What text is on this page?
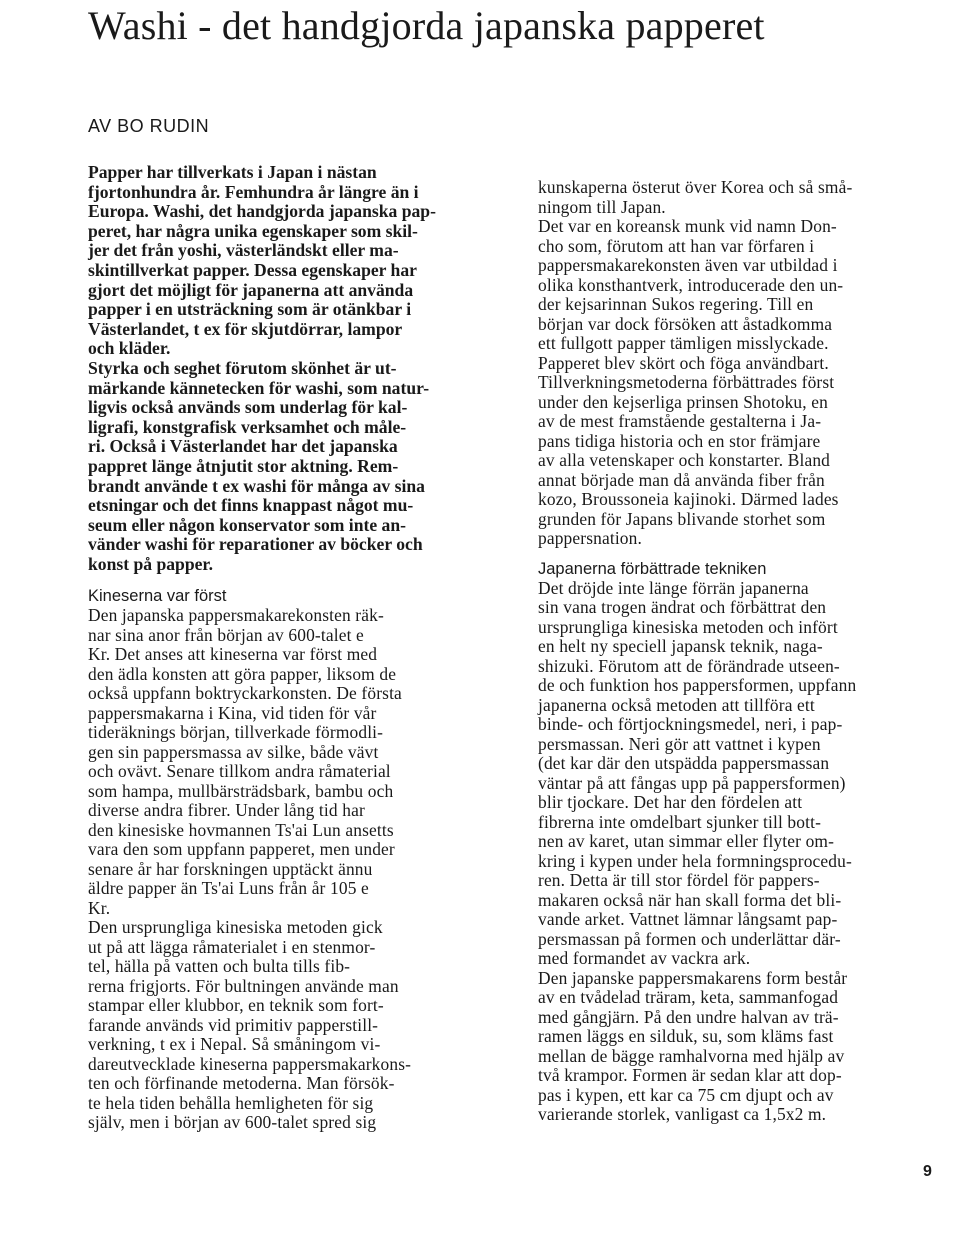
Washi - det handgjorda japanska papperet
AV BO RUDIN
Papper har tillverkats i Japan i nästan
fjortonhundra år. Femhundra år längre än i
Europa. Washi, det handgjorda japanska pap-
peret, har några unika egenskaper som skil-
jer det från yoshi, västerländskt eller ma-
skintillverkat papper. Dessa egenskaper har
gjort det möjligt för japanerna att använda
papper i en utsträckning som är otänkbar i
Västerlandet, t ex för skjutdörrar, lampor
och kläder.
Styrka och seghet förutom skönhet är ut-
märkande kännetecken för washi, som natur-
ligvis också används som underlag för kal-
ligrafi, konstgrafisk verksamhet och måle-
ri. Också i Västerlandet har det japanska
pappret länge åtnjutit stor aktning. Rem-
brandt använde t ex washi för många av sina
etsningar och det finns knappast något mu-
seum eller någon konservator som inte an-
vänder washi för reparationer av böcker och
konst på papper.
Kineserna var först
Den japanska pappersmakarekonsten räk-
nar sina anor från början av 600-talet e
Kr. Det anses att kineserna var först med
den ädla konsten att göra papper, liksom de
också uppfann boktryckarkonsten. De första
pappersmakarna i Kina, vid tiden för vår
tideräknings början, tillverkade förmodli-
gen sin pappersmassa av silke, både vävt
och ovävt. Senare tillkom andra råmaterial
som hampa, mullbärsträdsbark, bambu och
diverse andra fibrer. Under lång tid har
den kinesiske hovmannen Ts'ai Lun ansetts
vara den som uppfann papperet, men under
senare år har forskningen upptäckt ännu
äldre papper än Ts'ai Luns från år 105 e
Kr.
Den ursprungliga kinesiska metoden gick
ut på att lägga råmaterialet i en stenmor-
tel, hälla på vatten och bulta tills fib-
rerna frigjorts. För bultningen använde man
stampar eller klubbor, en teknik som fort-
farande används vid primitiv papperstill-
verkning, t ex i Nepal. Så småningom vi-
dareutvecklade kineserna pappersmakarkons-
ten och förfinande metoderna. Man försök-
te hela tiden behålla hemligheten för sig
själv, men i början av 600-talet spred sig
kunskaperna österut över Korea och så små-
ningom till Japan.
Det var en koreansk munk vid namn Don-
cho som, förutom att han var förfaren i
pappersmakarekonsten även var utbildad i
olika konsthantverk, introducerade den un-
der kejsarinnan Sukos regering. Till en
början var dock försöken att åstadkomma
ett fullgott papper tämligen misslyckade.
Papperet blev skört och föga användbart.
Tillverkningsmetoderna förbättrades först
under den kejserliga prinsen Shotoku, en
av de mest framstående gestalterna i Ja-
pans tidiga historia och en stor främjare
av alla vetenskaper och konstarter. Bland
annat började man då använda fiber från
kozo, Broussoneia kajinoki. Därmed lades
grunden för Japans blivande storhet som
pappersnation.
Japanerna förbättrade tekniken
Det dröjde inte länge förrän japanerna
sin vana trogen ändrat och förbättrat den
ursprungliga kinesiska metoden och infört
en helt ny speciell japansk teknik, naga-
shizuki. Förutom att de förändrade utseen-
de och funktion hos pappersformen, uppfann
japanerna också metoden att tillföra ett
binde- och förtjockningsmedel, neri, i pap-
persmassan. Neri gör att vattnet i kypen
(det kar där den utspädda pappersmassan
väntar på att fångas upp på pappersformen)
blir tjockare. Det har den fördelen att
fibrerna inte omdelbart sjunker till bott-
nen av karet, utan simmar eller flyter om-
kring i kypen under hela formningsprocedu-
ren. Detta är till stor fördel för pappers-
makaren också när han skall forma det bli-
vande arket. Vattnet lämnar långsamt pap-
persmassan på formen och underlättar där-
med formandet av vackra ark.
Den japanske pappersmakarens form består
av en tvådelad träram, keta, sammanfogad
med gångjärn. På den undre halvan av trä-
ramen läggs en silduk, su, som kläms fast
mellan de bägge ramhalvorna med hjälp av
två krampor. Formen är sedan klar att dop-
pas i kypen, ett kar ca 75 cm djupt och av
varierande storlek, vanligast ca 1,5x2 m.
9
